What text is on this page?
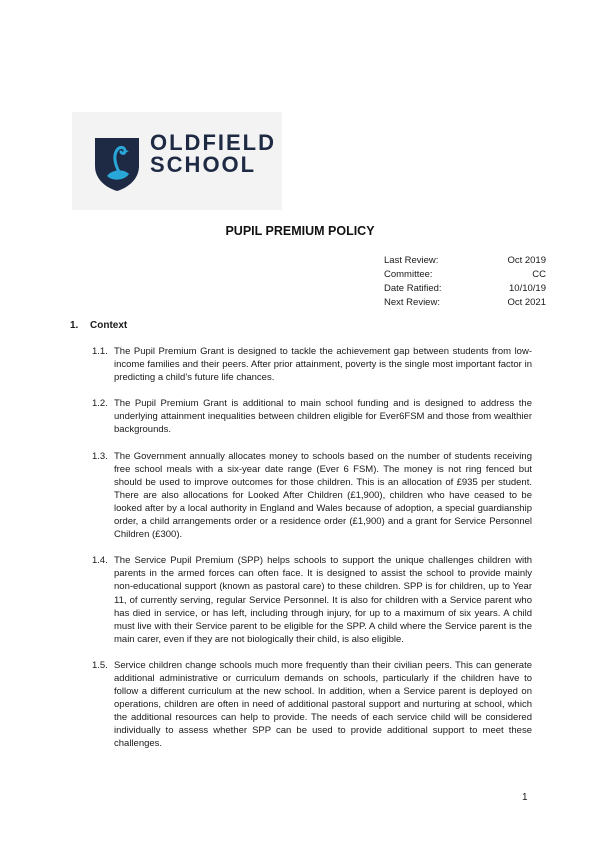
OLDFIELD
SCHOOL
PUPIL PREMIUM POLICY
Last Review:	Oct 2019
Committee:	CC
Date Ratified:	10/10/19
Next Review:	Oct 2021
1. Context
1.1. The Pupil Premium Grant is designed to tackle the achievement gap between students from low-income families and their peers. After prior attainment, poverty is the single most important factor in predicting a child’s future life chances.
1.2. The Pupil Premium Grant is additional to main school funding and is designed to address the underlying attainment inequalities between children eligible for Ever6FSM and those from wealthier backgrounds.
1.3. The Government annually allocates money to schools based on the number of students receiving free school meals with a six-year date range (Ever 6 FSM). The money is not ring fenced but should be used to improve outcomes for those children. This is an allocation of £935 per student. There are also allocations for Looked After Children (£1,900), children who have ceased to be looked after by a local authority in England and Wales because of adoption, a special guardianship order, a child arrangements order or a residence order (£1,900) and a grant for Service Personnel Children (£300).
1.4. The Service Pupil Premium (SPP) helps schools to support the unique challenges children with parents in the armed forces can often face. It is designed to assist the school to provide mainly non-educational support (known as pastoral care) to these children. SPP is for children, up to Year 11, of currently serving, regular Service Personnel. It is also for children with a Service parent who has died in service, or has left, including through injury, for up to a maximum of six years. A child must live with their Service parent to be eligible for the SPP. A child where the Service parent is the main carer, even if they are not biologically their child, is also eligible.
1.5. Service children change schools much more frequently than their civilian peers. This can generate additional administrative or curriculum demands on schools, particularly if the children have to follow a different curriculum at the new school. In addition, when a Service parent is deployed on operations, children are often in need of additional pastoral support and nurturing at school, which the additional resources can help to provide. The needs of each service child will be considered individually to assess whether SPP can be used to provide additional support to meet these challenges.
1
